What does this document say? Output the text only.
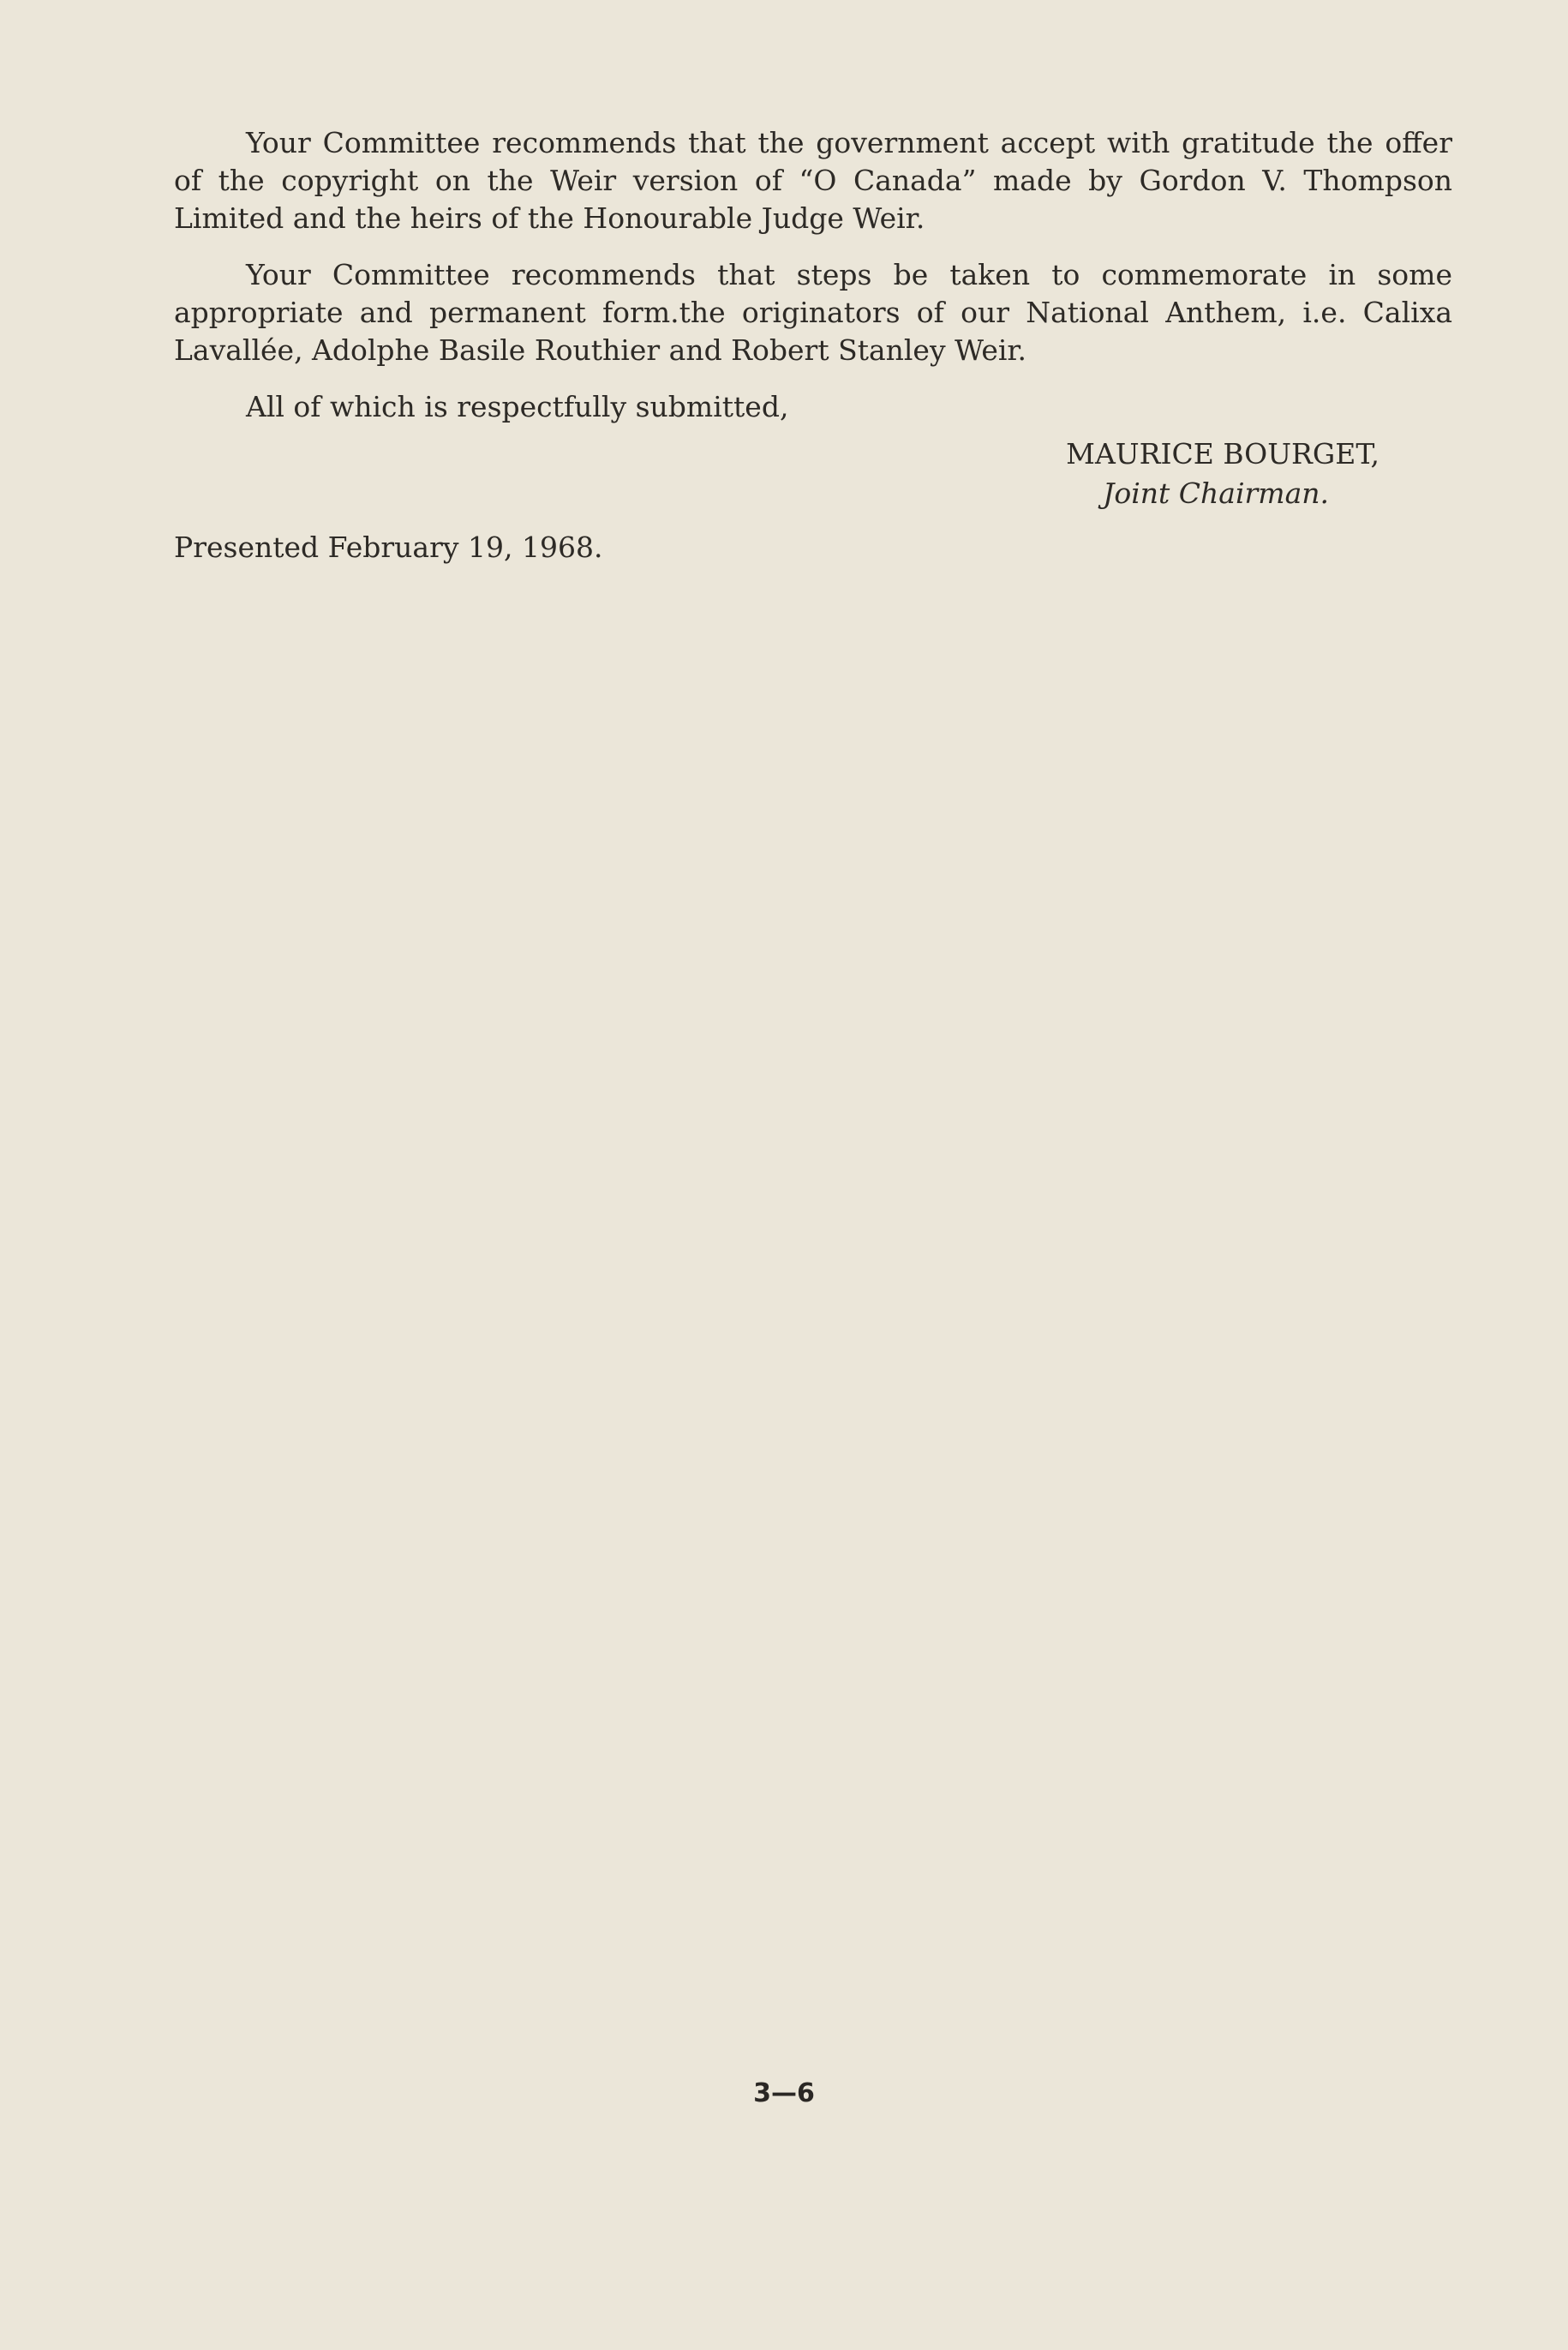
Your Committee recommends that the government accept with gratitude the offer of the copyright on the Weir version of “O Canada” made by Gordon V. Thompson Limited and the heirs of the Honourable Judge Weir.

Your Committee recommends that steps be taken to commemorate in some appropriate and permanent form.the originators of our National Anthem, i.e. Calixa Lavallée, Adolphe Basile Routhier and Robert Stanley Weir.

All of which is respectfully submitted,

MAURICE BOURGET,
Joint Chairman.

Presented February 19, 1968.

3—6
